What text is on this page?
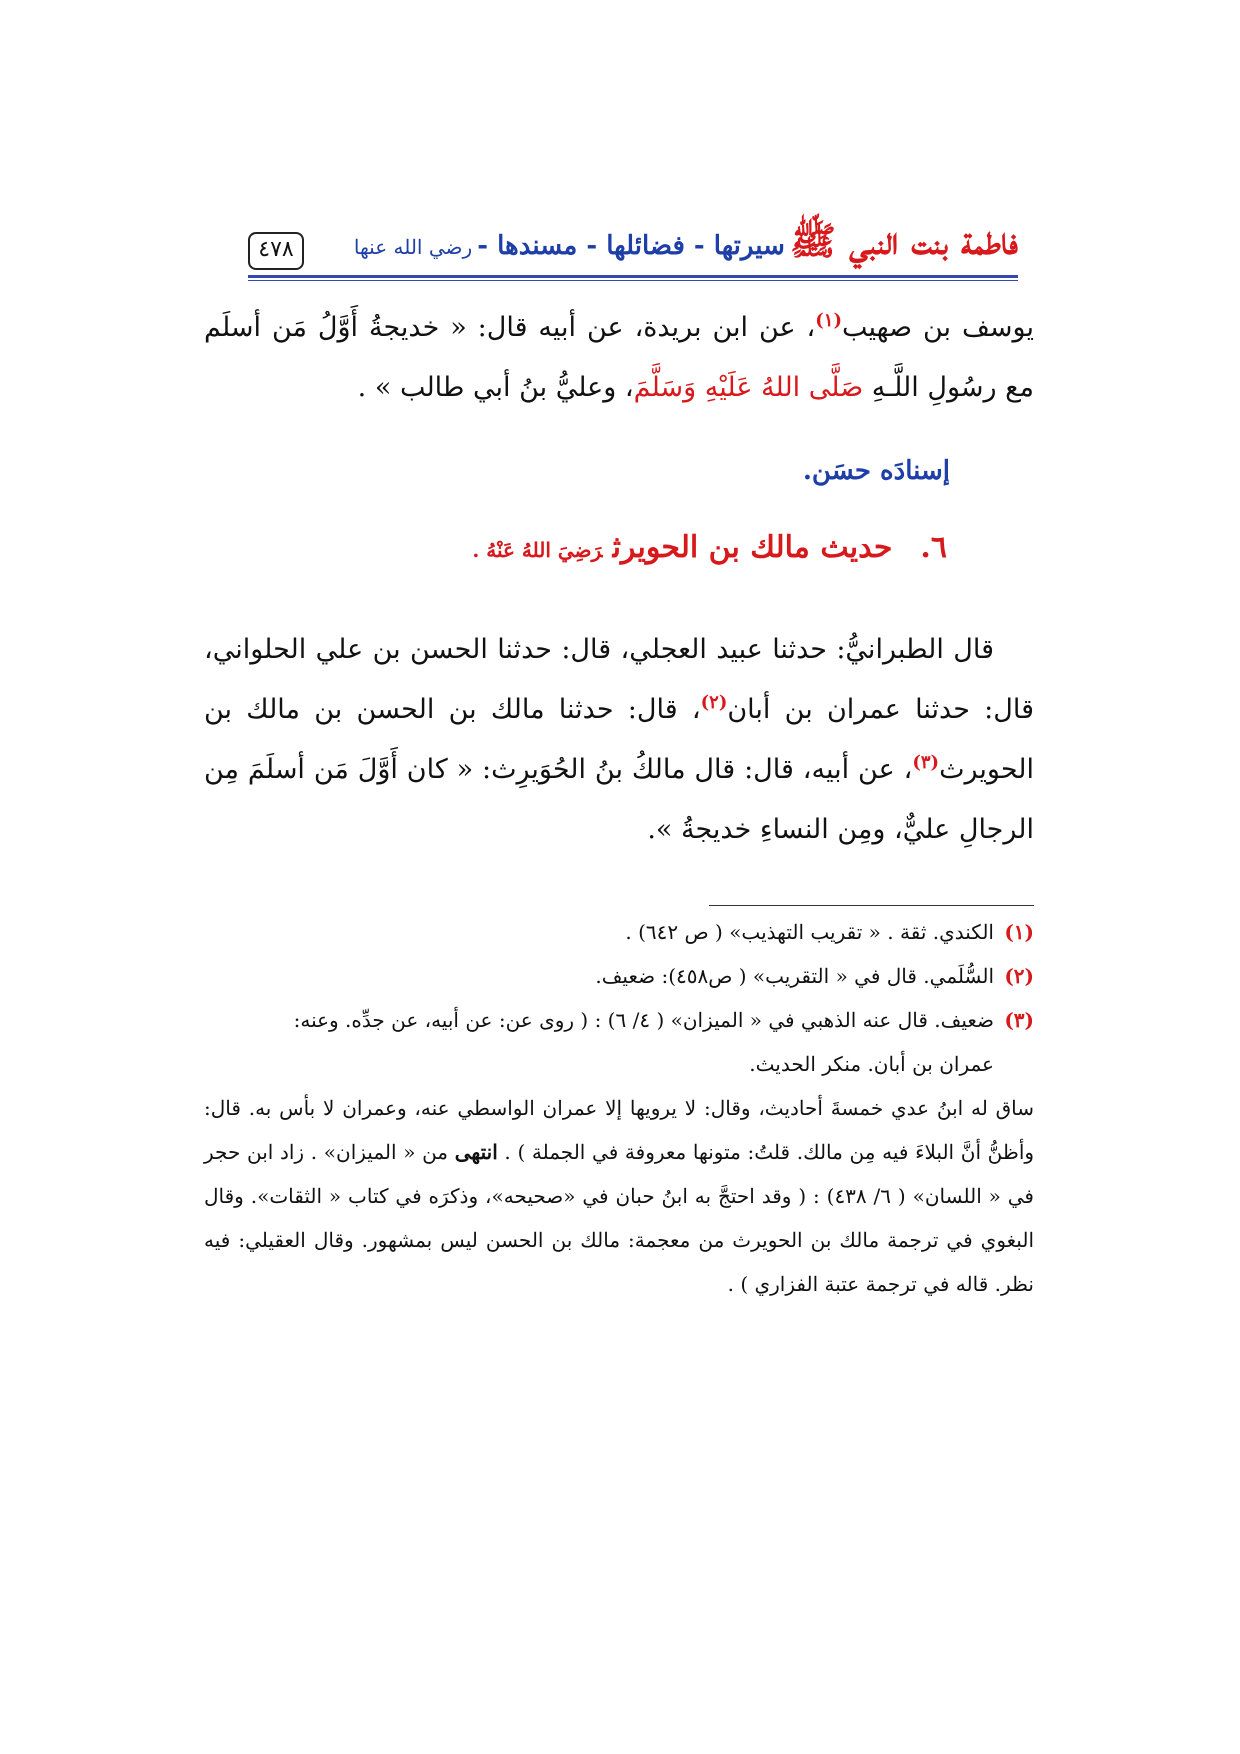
٤٧٨	فاطمة بنت النبي ﷺ سيرتها - فضائلها - مسندها - رضي الله عنها
يوسف بن صهيب$^{(١)}$، عن ابن بريدة، عن أبيه قال: « خديجةُ أَوَّلُ مَن أسلَم مع رسُولِ اللَّـهِ صَلَّى اللهُ عَلَيْهِ وَسَلَّمَ، وعليُّ بنُ أبي طالب » .
إسنادَه حسَن.
٦.حديث مالك بن الحويرثرَضِيَ اللهُ عَنْهُ .
قال الطبرانيُّ: حدثنا عبيد العجلي، قال: حدثنا الحسن بن علي الحلواني، قال: حدثنا عمران بن أبان$^{(٢)}$، قال: حدثنا مالك بن الحسن بن مالك بن الحويرث$^{(٣)}$، عن أبيه، قال: قال مالكُ بنُ الحُوَيرِث: « كان أَوَّلَ مَن أسلَمَ مِن الرجالِ عليٌّ، ومِن النساءِ خديجةُ ».
(١)الكندي. ثقة . « تقريب التهذيب» ( ص ٦٤٢) .
(٢)السُّلَمي. قال في « التقريب» ( ص٤٥٨): ضعيف.
(٣)ضعيف. قال عنه الذهبي في « الميزان» ( ٤/ ٦) : ( روى عن: عن أبيه، عن جدِّه. وعنه:
عمران بن أبان. منكر الحديث.
ساق له ابنُ عدي خمسةَ أحاديث، وقال: لا يرويها إلا عمران الواسطي عنه، وعمران لا بأس به. قال: وأظنُّ أنَّ البلاءَ فيه مِن مالك. قلتُ: متونها معروفة في الجملة ) . انتهى من « الميزان» . زاد ابن حجر في « اللسان» ( ٦/ ٤٣٨) : ( وقد احتجَّ به ابنُ حبان في «صحيحه»، وذكرَه في كتاب « الثقات». وقال البغوي في ترجمة مالك بن الحويرث من معجمة: مالك بن الحسن ليس بمشهور. وقال العقيلي: فيه نظر. قاله في ترجمة عتبة الفزاري ) .
